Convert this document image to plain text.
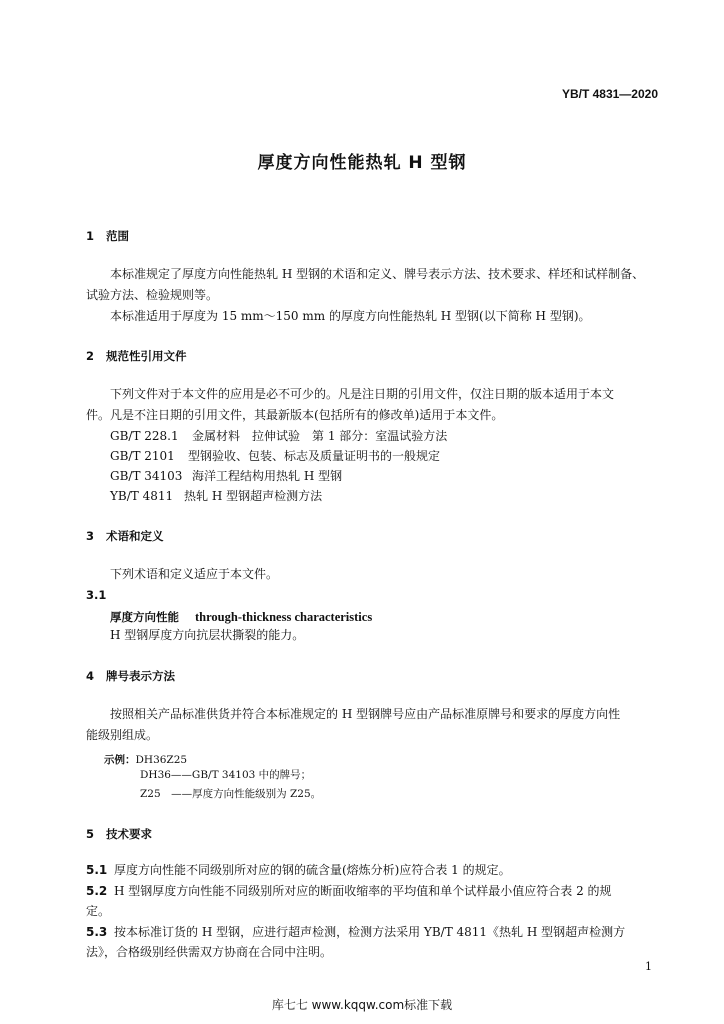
YB/T 4831—2020
厚度方向性能热轧 H 型钢
1 范围
本标准规定了厚度方向性能热轧 H 型钢的术语和定义、牌号表示方法、技术要求、样坯和试样制备、
试验方法、检验规则等。
本标准适用于厚度为 15 mm～150 mm 的厚度方向性能热轧 H 型钢(以下简称 H 型钢)。
2 规范性引用文件
下列文件对于本文件的应用是必不可少的。凡是注日期的引用文件，仅注日期的版本适用于本文
件。凡是不注日期的引用文件，其最新版本(包括所有的修改单)适用于本文件。
GB/T 228.1 金属材料　拉伸试验　第 1 部分：室温试验方法
GB/T 2101 型钢验收、包装、标志及质量证明书的一般规定
GB/T 34103 海洋工程结构用热轧 H 型钢
YB/T 4811 热轧 H 型钢超声检测方法
3 术语和定义
下列术语和定义适应于本文件。
3.1
厚度方向性能 through-thickness characteristics
H 型钢厚度方向抗层状撕裂的能力。
4 牌号表示方法
按照相关产品标准供货并符合本标准规定的 H 型钢牌号应由产品标准原牌号和要求的厚度方向性
能级别组成。
示例：DH36Z25
DH36——GB/T 34103 中的牌号；
Z25　——厚度方向性能级别为 Z25。
5 技术要求
5.1 厚度方向性能不同级别所对应的钢的硫含量(熔炼分析)应符合表 1 的规定。
5.2 H 型钢厚度方向性能不同级别所对应的断面收缩率的平均值和单个试样最小值应符合表 2 的规
定。
5.3 按本标准订货的 H 型钢，应进行超声检测，检测方法采用 YB/T 4811《热轧 H 型钢超声检测方
法》，合格级别经供需双方协商在合同中注明。
1
库七七 www.kqqw.com标准下载
